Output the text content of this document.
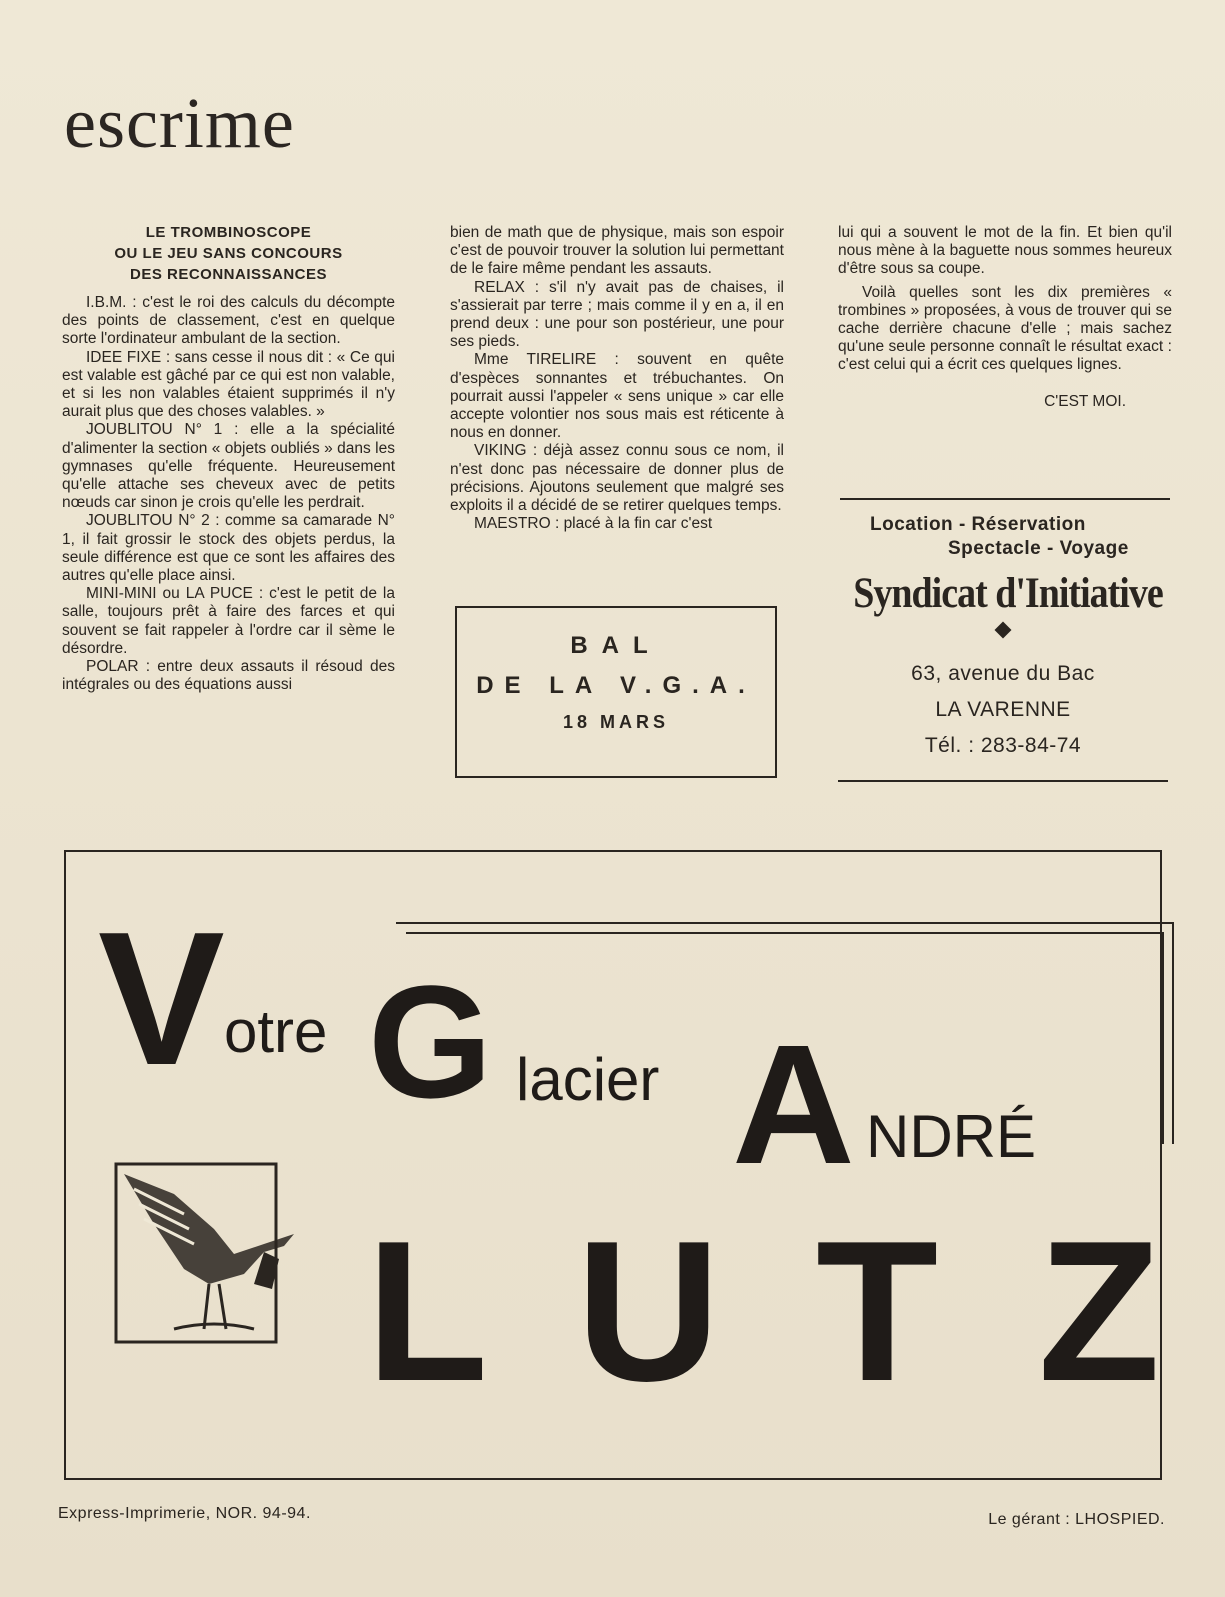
escrime
LE TROMBINOSCOPE
OU LE JEU SANS CONCOURS
DES RECONNAISSANCES

I.B.M. : c'est le roi des calculs du décompte des points de classement, c'est en quelque sorte l'ordinateur ambulant de la section.

IDEE FIXE : sans cesse il nous dit : « Ce qui est valable est gâché par ce qui est non valable, et si les non valables étaient supprimés il n'y aurait plus que des choses valables. »

JOUBLITOU N° 1 : elle a la spécialité d'alimenter la section « objets oubliés » dans les gymnases qu'elle fréquente. Heureusement qu'elle attache ses cheveux avec de petits nœuds car sinon je crois qu'elle les perdrait.

JOUBLITOU N° 2 : comme sa camarade N° 1, il fait grossir le stock des objets perdus, la seule différence est que ce sont les affaires des autres qu'elle place ainsi.

MINI-MINI ou LA PUCE : c'est le petit de la salle, toujours prêt à faire des farces et qui souvent se fait rappeler à l'ordre car il sème le désordre.

POLAR : entre deux assauts il résoud des intégrales ou des équations aussi

bien de math que de physique, mais son espoir c'est de pouvoir trouver la solution lui permettant de le faire même pendant les assauts.

RELAX : s'il n'y avait pas de chaises, il s'assierait par terre ; mais comme il y en a, il en prend deux : une pour son postérieur, une pour ses pieds.

Mme TIRELIRE : souvent en quête d'espèces sonnantes et trébuchantes. On pourrait aussi l'appeler « sens unique » car elle accepte volontier nos sous mais est réticente à nous en donner.

VIKING : déjà assez connu sous ce nom, il n'est donc pas nécessaire de donner plus de précisions. Ajoutons seulement que malgré ses exploits il a décidé de se retirer quelques temps.

MAESTRO : placé à la fin car c'est

lui qui a souvent le mot de la fin. Et bien qu'il nous mène à la baguette nous sommes heureux d'être sous sa coupe.

Voilà quelles sont les dix premières « trombines » proposées, à vous de trouver qui se cache derrière chacune d'elle ; mais sachez qu'une seule personne connaît le résultat exact : c'est celui qui a écrit ces quelques lignes.

C'EST MOI.
BAL
DE LA V.G.A.
18 MARS
Location - Réservation
Spectacle - Voyage
Syndicat d'Initiative
63, avenue du Bac
LA VARENNE
Tél. : 283-84-74
V otre G lacier A NDRÉ
L U T Z
Express-Imprimerie, NOR. 94-94.	Le gérant : LHOSPIED.
